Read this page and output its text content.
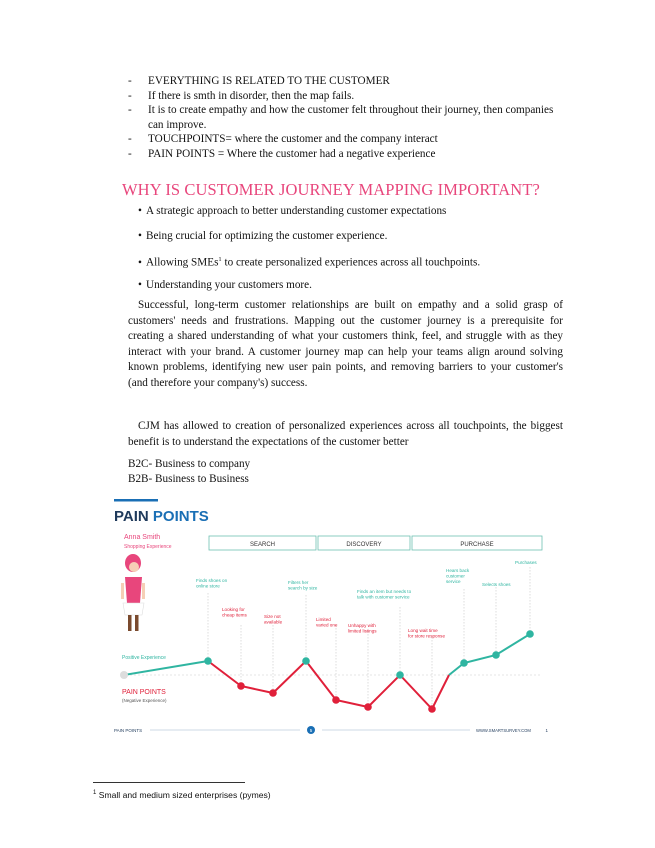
-	EVERYTHING IS RELATED TO THE CUSTOMER
-	If there is smth in disorder, then the map fails.
-	It is to create empathy and how the customer felt throughout their journey, then companies can improve.
-	TOUCHPOINTS= where the customer and the company interact
-	PAIN POINTS = Where the customer had a negative experience
WHY IS CUSTOMER JOURNEY MAPPING IMPORTANT?
• A strategic approach to better understanding customer expectations
• Being crucial for optimizing the customer experience.
• Allowing SMEs$^1$ to create personalized experiences across all touchpoints.
• Understanding your customers more.
Successful, long-term customer relationships are built on empathy and a solid grasp of customers' needs and frustrations. Mapping out the customer journey is a prerequisite for creating a shared understanding of what your customers think, feel, and struggle with as they interact with your brand. A customer journey map can help your teams align around solving known problems, identifying new user pain points, and removing barriers to your customer's (and therefore your company's) success.
CJM has allowed to creation of personalized experiences across all touchpoints, the biggest benefit is to understand the expectations of the customer better
B2C- Business to company
B2B- Business to Business
PAIN POINTS
Anna Smith
Shopping Experience	SEARCH	DISCOVERY	PURCHASE
Positive Experience
PAIN POINTS
(Negative Experience)
Finds shoes on online store
Looking for cheap items	Size not available
Filters her search by size
Limited varied one
Finds an item but needs to talk with customer service
Unhappy with limited listings	Long wait time for store response
Hears back customer service
Selects shoes
Purchases
PAIN POINTS	5	WWW.SMARTSURVEY.COM	1
$^1$ Small and medium sized enterprises (pymes)
